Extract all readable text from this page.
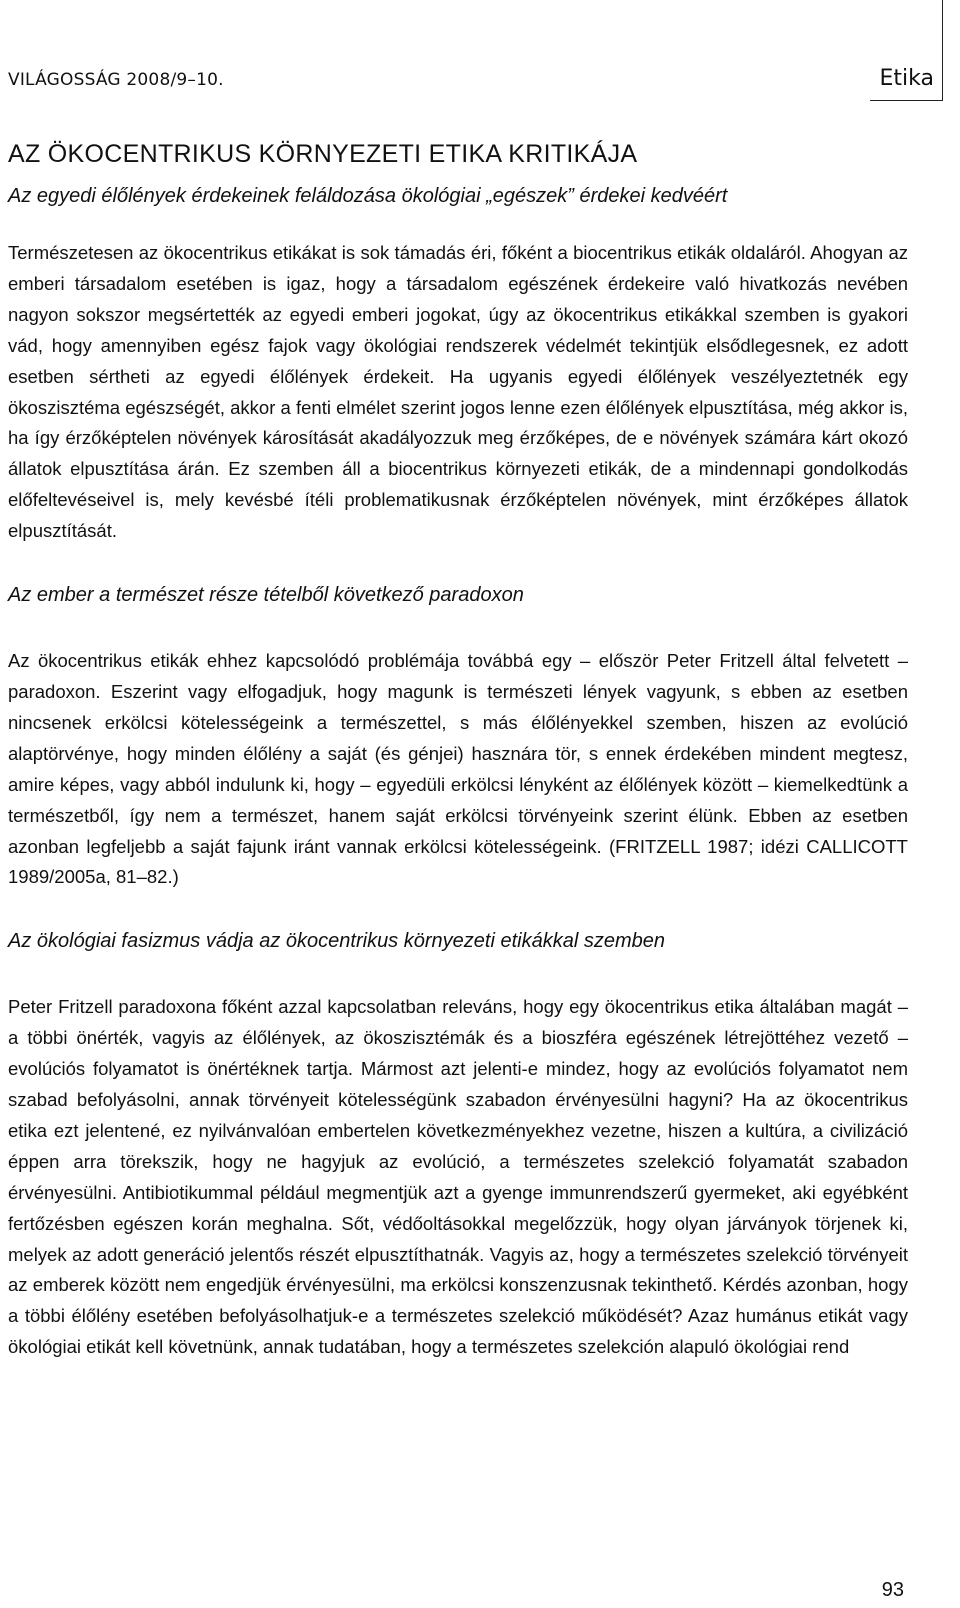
VILÁGOSSÁG 2008/9–10.	Etika
AZ ÖKOCENTRIKUS KÖRNYEZETI ETIKA KRITIKÁJA
Az egyedi élőlények érdekeinek feláldozása ökológiai „egészek” érdekei kedvéért

Természetesen az ökocentrikus etikákat is sok támadás éri, főként a biocentrikus etikák oldaláról. Ahogyan az emberi társadalom esetében is igaz, hogy a társadalom egészének érdekeire való hivatkozás nevében nagyon sokszor megsértették az egyedi emberi jogokat, úgy az ökocentrikus etikákkal szemben is gyakori vád, hogy amennyiben egész fajok vagy ökológiai rendszerek védelmét tekintjük elsődlegesnek, ez adott esetben sértheti az egyedi élőlények érdekeit. Ha ugyanis egyedi élőlények veszélyeztetnék egy ökoszisztéma egészségét, akkor a fenti elmélet szerint jogos lenne ezen élőlények elpusztítása, még akkor is, ha így érzőképtelen növények károsítását akadályozzuk meg érzőképes, de e növények számára kárt okozó állatok elpusztítása árán. Ez szemben áll a biocentrikus környezeti etikák, de a mindennapi gondolkodás előfeltevéseivel is, mely kevésbé ítéli problematikusnak érzőképtelen növények, mint érzőképes állatok elpusztítását.

Az ember a természet része tételből következő paradoxon

Az ökocentrikus etikák ehhez kapcsolódó problémája továbbá egy – először Peter Fritzell által felvetett – paradoxon. Eszerint vagy elfogadjuk, hogy magunk is természeti lények vagyunk, s ebben az esetben nincsenek erkölcsi kötelességeink a természettel, s más élőlényekkel szemben, hiszen az evolúció alaptörvénye, hogy minden élőlény a saját (és génjei) hasznára tör, s ennek érdekében mindent megtesz, amire képes, vagy abból indulunk ki, hogy – egyedüli erkölcsi lényként az élőlények között – kiemelkedtünk a természetből, így nem a természet, hanem saját erkölcsi törvényeink szerint élünk. Ebben az esetben azonban legfeljebb a saját fajunk iránt vannak erkölcsi kötelességeink. (FRITZELL 1987; idézi CALLICOTT 1989/2005a, 81–82.)

Az ökológiai fasizmus vádja az ökocentrikus környezeti etikákkal szemben

Peter Fritzell paradoxona főként azzal kapcsolatban releváns, hogy egy ökocentrikus etika általában magát – a többi önérték, vagyis az élőlények, az ökoszisztémák és a bioszféra egészének létrejöttéhez vezető – evolúciós folyamatot is önértéknek tartja. Mármost azt jelenti-e mindez, hogy az evolúciós folyamatot nem szabad befolyásolni, annak törvényeit kötelességünk szabadon érvényesülni hagyni? Ha az ökocentrikus etika ezt jelentené, ez nyilvánvalóan embertelen következményekhez vezetne, hiszen a kultúra, a civilizáció éppen arra törekszik, hogy ne hagyjuk az evolúció, a természetes szelekció folyamatát szabadon érvényesülni. Antibiotikummal például megmentjük azt a gyenge immunrendszerű gyermeket, aki egyébként fertőzésben egészen korán meghalna. Sőt, védőoltásokkal megelőzzük, hogy olyan járványok törjenek ki, melyek az adott generáció jelentős részét elpusztíthatnák. Vagyis az, hogy a természetes szelekció törvényeit az emberek között nem engedjük érvényesülni, ma erkölcsi konszenzusnak tekinthető. Kérdés azonban, hogy a többi élőlény esetében befolyásolhatjuk-e a természetes szelekció működését? Azaz humánus etikát vagy ökológiai etikát kell követnünk, annak tudatában, hogy a természetes szelekción alapuló ökológiai rend

93
